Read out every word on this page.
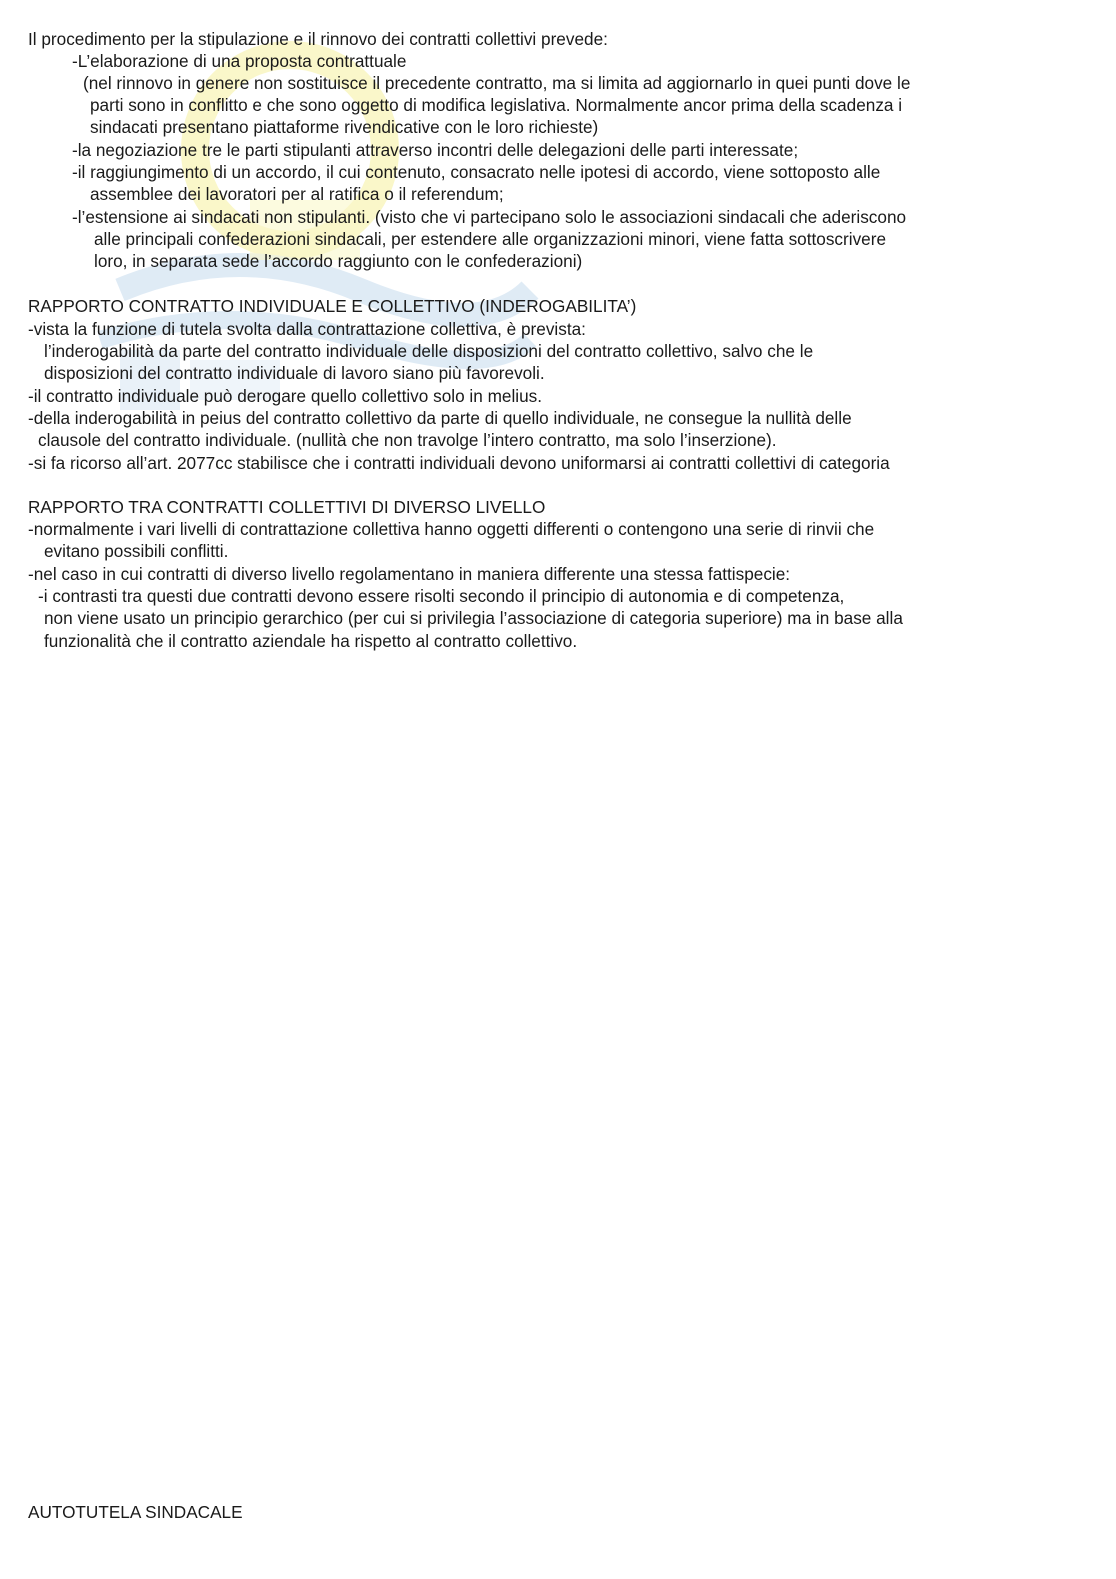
Il procedimento per la stipulazione e il rinnovo dei contratti collettivi prevede:
-L’elaborazione di una proposta contrattuale
(nel rinnovo in genere non sostituisce il precedente contratto, ma si limita ad aggiornarlo in quei punti dove le
parti sono in conflitto e che sono oggetto di modifica legislativa. Normalmente ancor prima della scadenza i
sindacati presentano piattaforme rivendicative con le loro richieste)
-la negoziazione tre le parti stipulanti attraverso incontri delle delegazioni delle parti interessate;
-il raggiungimento di un accordo, il cui contenuto, consacrato nelle ipotesi di accordo, viene sottoposto alle
assemblee dei lavoratori per al ratifica o il referendum;
-l’estensione ai sindacati non stipulanti. (visto che vi partecipano solo le associazioni sindacali che aderiscono
alle principali confederazioni sindacali, per estendere alle organizzazioni minori, viene fatta sottoscrivere
loro, in separata sede l’accordo raggiunto con le confederazioni)
RAPPORTO CONTRATTO INDIVIDUALE E COLLETTIVO (INDEROGABILITA’)
-vista la funzione di tutela svolta dalla contrattazione collettiva, è prevista:
l’inderogabilità da parte del contratto individuale delle disposizioni del contratto collettivo, salvo che le
disposizioni del contratto individuale di lavoro siano più favorevoli.
-il contratto individuale può derogare quello collettivo solo in melius.
-della inderogabilità in peius del contratto collettivo da parte di quello individuale, ne consegue la nullità delle
clausole del contratto individuale. (nullità che non travolge l’intero contratto, ma solo l’inserzione).
-si fa ricorso all’art. 2077cc stabilisce che i contratti individuali devono uniformarsi ai contratti collettivi di categoria
RAPPORTO TRA CONTRATTI COLLETTIVI DI DIVERSO LIVELLO
-normalmente i vari livelli di contrattazione collettiva hanno oggetti differenti o contengono una serie di rinvii che
evitano possibili conflitti.
-nel caso in cui contratti di diverso livello regolamentano in maniera differente una stessa fattispecie:
-i contrasti tra questi due contratti devono essere risolti secondo il principio di autonomia e di competenza,
non viene usato un principio gerarchico (per cui si privilegia l’associazione di categoria superiore) ma in base alla
funzionalità che il contratto aziendale ha rispetto al contratto collettivo.
AUTOTUTELA SINDACALE
